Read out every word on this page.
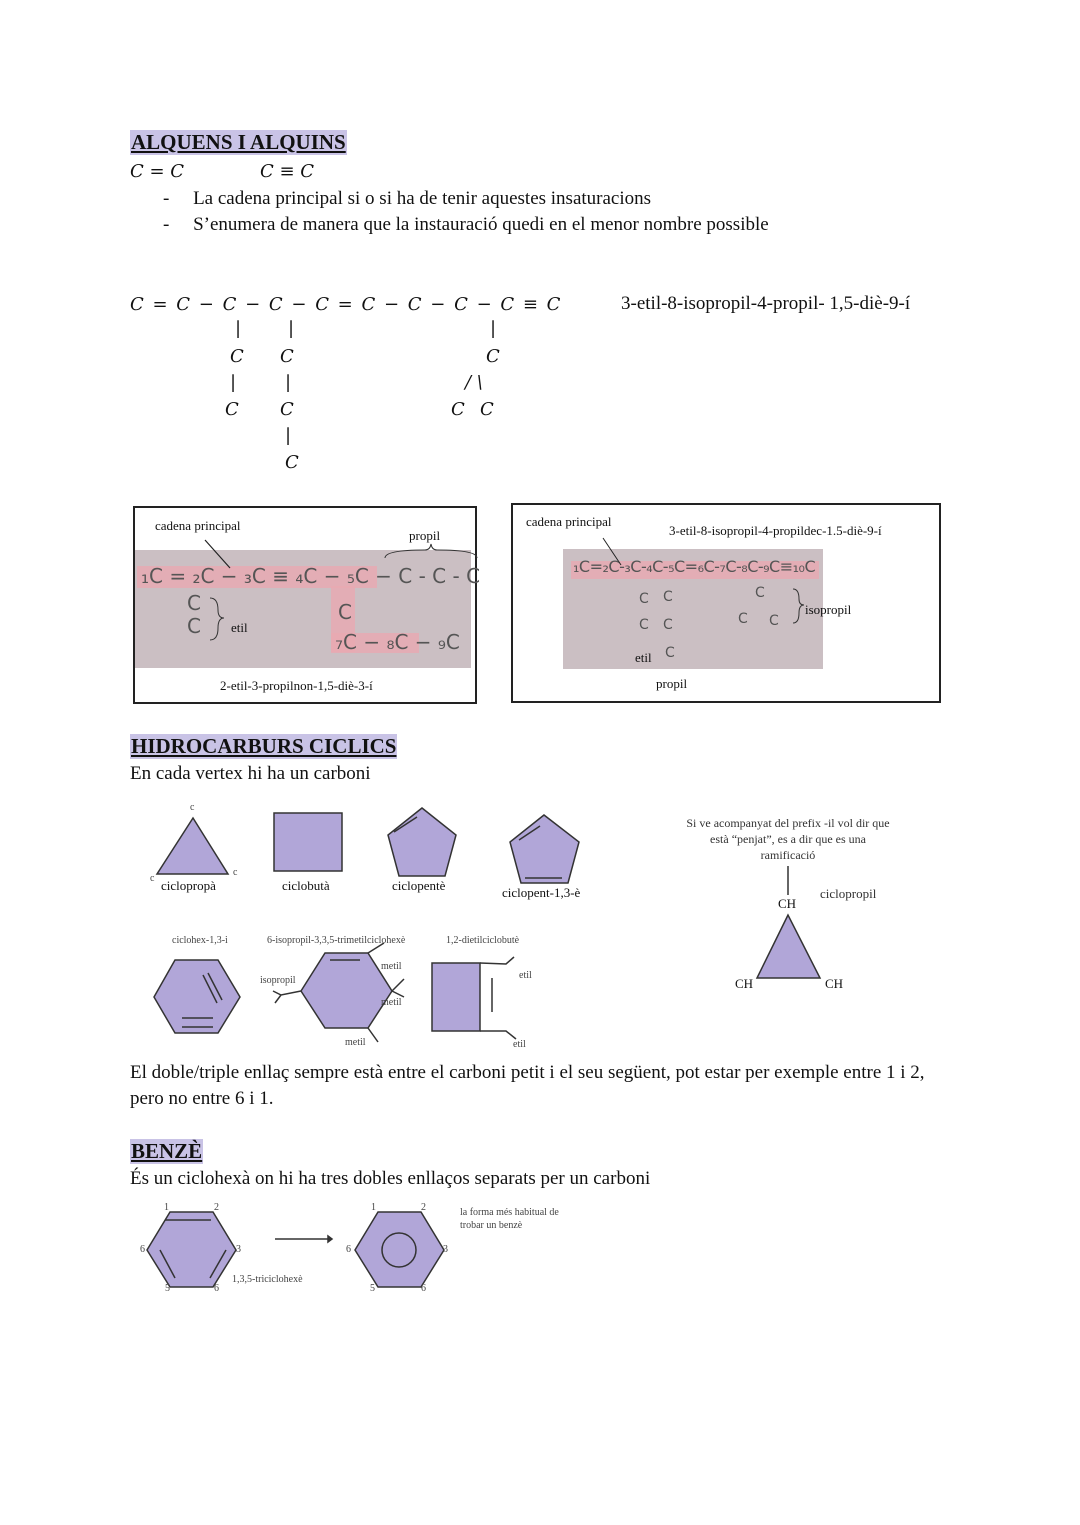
ALQUENS I ALQUINS
C = C	C ≡ C
-     La cadena principal si o si ha de tenir aquestes insaturacions
-     S’enumera de manera que la instauració quedi en el menor nombre possible
C = C − C − C − C = C − C − C − C ≡ C	3-etil-8-isopropil-4-propil- 1,5-diè-9-í
|
C
|
C
|
C
|
C
|
C
|
C
/ \
C C
cadena principal
propil
₁C = ₂C − ₃C ≡ ₄C − ₅C − C - C - C
C
C etil
C
₇C − ₈C − ₉C
2-etil-3-propilnon-1,5-diè-3-í
cadena principal
3-etil-8-isopropil-4-propildec-1.5-diè-9-í
₁C=₂C-₃C-₄C-₅C=₆C-₇C-₈C-₉C≡₁₀C
C
C
C
C
C
C
C C
isopropil
etil
propil
HIDROCARBURS CICLICS
En cada vertex hi ha un carboni
c
c
c
ciclopropà	ciclobutà	ciclopentè	ciclopent-1,3-è
ciclohex-1,3-i	6-isopropil-3,3,5-trimetilciclohexè	1,2-dietilciclobutè
isopropil
metil
metil
metil
etil
etil
Si ve acompanyat del prefix -il vol dir que està “penjat”, es a dir que es una ramificació
ciclopropil
CH
CH	CH
El doble/triple enllaç sempre està entre el carboni petit i el seu següent, pot estar per exemple entre 1 i 2, pero no entre 6 i 1.
BENZÈ
És un ciclohexà on hi ha tres dobles enllaços separats per un carboni
1	2
3
6
5	6
1,3,5-triciclohexè
1	2
3
6
5	6
la forma més habitual de trobar un benzè
